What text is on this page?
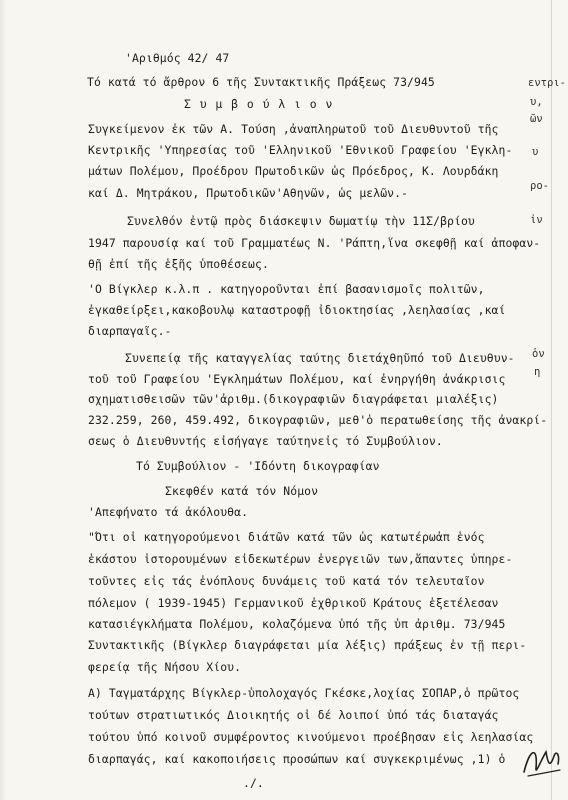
'Αριθμός 42/ 47
Τό κατά τό ἄρθρον 6 τῆς Συντακτικῆς Πράξεως 73/945
Σ υ μ β ο ύ λ ι ο ν
Συγκείμενον ἐκ τῶν Α. Τούση ,ἀναπληρωτοῦ τοῦ Διευθυντοῦ τῆς
Κεντρικῆς 'Υπηρεσίας τοῦ 'Ελληνικοῦ 'Εθνικοῦ Γραφείου 'Εγκλη-
μάτων Πολέμου, Προέδρου Πρωτοδικῶν ὡς Πρόεδρος, Κ. Λουρδάκη
καί Δ. Μητράκου, Πρωτοδικῶν'Αθηνῶν, ὡς μελῶν.-
Συνελθόν ἐντῷ πρὸς διάσκεψιν δωματίῳ τὴν 11Σ/βρίου
1947 παρουσίᾳ καί τοῦ Γραμματέως Ν. 'Ράπτη,ἵνα σκεφθῇ καί ἀποφαν-
θῇ ἐπί τῆς ἑξῆς ὑποθέσεως.
'Ο Βίγκλερ κ.λ.π . κατηγοροῦνται ἐπί βασανισμοῖς πολιτῶν,
ἐγκαθείρξει,κακοβουλῳ καταστροφῇ ἰδιοκτησίας ,λεηλασίας ,καί
διαρπαγαῖς.-
Συνεπείᾳ τῆς καταγγελίας ταύτης διετάχθηῦπό τοῦ Διευθυν-
τοῦ τοῦ Γραφείου 'Εγκλημάτων Πολέμου, καί ἐνηργήθη ἀνάκρισις
σχηματισθεισῶν τῶν'ἀριθμ.(δικογραφιῶν διαγράφεται μιαλέξις)
232.259, 260, 459.492, δικογραφιῶν, μεθ'ὁ περατωθείσης τῆς ἀνακρί-
σεως ὁ Διευθυντής εἰσήγαγε ταύτηνεἰς τό Συμβούλιον.
Τό Συμβούλιον - 'Ιδόντη δικογραφίαν
Σκεφθέν κατά τόν Νόμον
'Απεφήνατο τά ἀκόλουθα.
"Ότι οἱ κατηγορούμενοι διάτῶν κατά τῶν ὡς κατωτέρωἀπ ἑνός
ἑκάστου ἱστορουμένων εἰδεκωτέρων ἐνεργειῶν των,ἅπαντες ὑπηρε-
τοῦντες εἰς τάς ἐνόπλους δυνάμεις τοῦ κατά τόν τελευταῖον
πόλεμον ( 1939-1945) Γερμανικοῦ ἐχθρικοῦ Κράτους ἐξετέλεσαν
κατασιέγκλήματα Πολέμου, κολαζόμενα ὑπό τῆς ὑπ ἀριθμ. 73/945
Συντακτικῆς (Βίγκλερ διαγράφεται μία λέξις) πράξεως ἐν τῇ περι-
φερείᾳ τῆς Νήσου Χίου.
Α) Ταγματάρχης Βίγκλερ-ὑπολοχαγός Γκέσκε,λοχίας ΣΟΠΑΡ,ὁ πρῶτος
τούτων στρατιωτικός Διοικητής οἱ δέ λοιποί ὑπό τάς διαταγάς
τούτου ὑπό κοινοῦ συμφέροντος κινούμενοι προέβησαν εἰς λεηλασίας
διαρπαγάς, καί κακοποιήσεις προσώπων καί συγκεκριμένως ,1) ὁ
./.
εντρι-
υ,
ῶν
υ
ρο-
ἰν
ὁν
η
